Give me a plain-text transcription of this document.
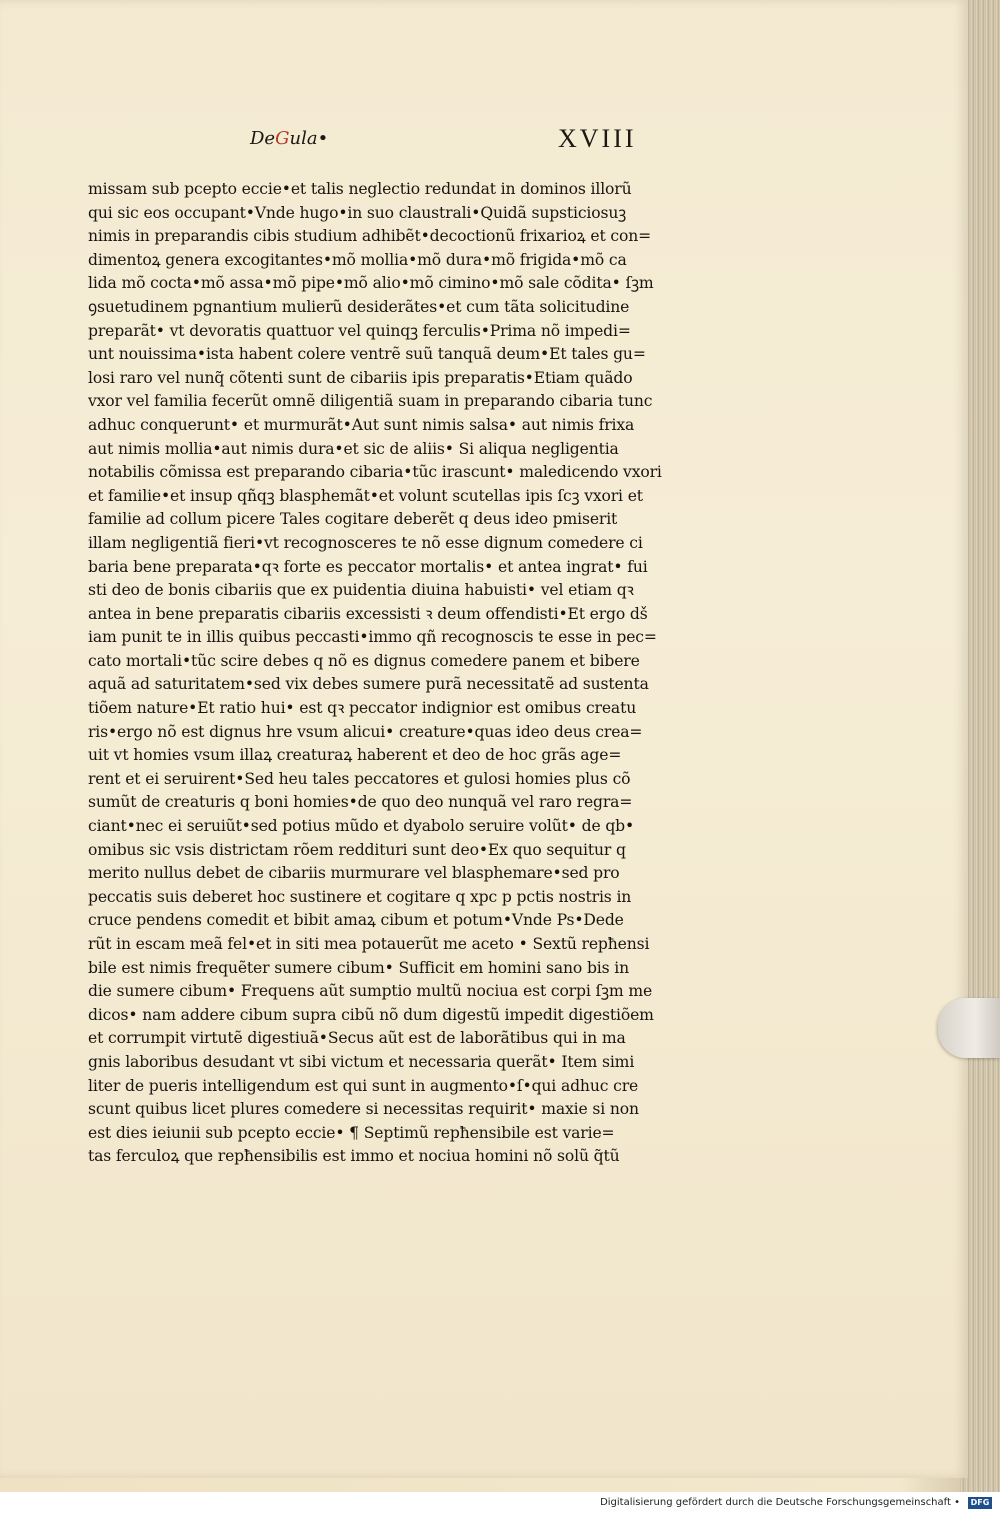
DeGula•	XVIII
missam sub pcepto eccie•et talis neglectio redundat in dominos illorũ
qui sic eos occupant•Vnde hugo•in suo claustrali•Quidã supsticiosuꝫ
nimis in preparandis cibis studium adhibẽt•decoctionũ frixarioꝝ et con=
dimentoꝝ genera excogitantes•mõ mollia•mõ dura•mõ frigida•mõ ca
lida mõ cocta•mõ assa•mõ pipe•mõ alio•mõ cimino•mõ sale cõdita• ſꝫm
ꝯsuetudinem pgnantium mulierũ desiderãtes•et cum tãta solicitudine
preparãt• vt devoratis quattuor vel quinqꝫ ferculis•Prima nõ impedi=
unt nouissima•ista habent colere ventrẽ suũ tanquã deum•Et tales gu=
losi raro vel nunq̃ cõtenti sunt de cibariis ipis preparatis•Etiam quãdo
vxor vel familia fecerũt omnẽ diligentiã suam in preparando cibaria tunc
adhuc conquerunt• et murmurãt•Aut sunt nimis salsa• aut nimis frixa
aut nimis mollia•aut nimis dura•et sic de aliis• Si aliqua negligentia
notabilis cõmissa est preparando cibaria•tũc irascunt• maledicendo vxori
et familie•et insup qñqꝫ blasphemãt•et volunt scutellas ipis ſcꝫ vxori et
familie ad collum picere Tales cogitare deberẽt q deus ideo pmiserit
illam negligentiã fieri•vt recognosceres te nõ esse dignum comedere ci
baria bene preparata•qꝛ forte es peccator mortalis• et antea ingrat• fui
sti deo de bonis cibariis que ex puidentia diuina habuisti• vel etiam qꝛ
antea in bene preparatis cibariis excessisti ꝛ deum offendisti•Et ergo dš
iam punit te in illis quibus peccasti•immo qñ recognoscis te esse in pec=
cato mortali•tũc scire debes q nõ es dignus comedere panem et bibere
aquã ad saturitatem•sed vix debes sumere purã necessitatẽ ad sustenta
tiõem nature•Et ratio hui• est qꝛ peccator indignior est omibus creatu
ris•ergo nõ est dignus hre vsum alicui• creature•quas ideo deus crea=
uit vt homies vsum illaꝝ creaturaꝝ haberent et deo de hoc grãs age=
rent et ei seruirent•Sed heu tales peccatores et gulosi homies plus cõ
sumũt de creaturis q boni homies•de quo deo nunquã vel raro regra=
ciant•nec ei seruiũt•sed potius mũdo et dyabolo seruire volũt• de qb•
omibus sic vsis districtam rõem reddituri sunt deo•Ex quo sequitur q
merito nullus debet de cibariis murmurare vel blasphemare•sed pro
peccatis suis deberet hoc sustinere et cogitare q xpc p pctis nostris in
cruce pendens comedit et bibit amaꝝ cibum et potum•Vnde Ps•Dede
rũt in escam meã fel•et in siti mea potauerũt me aceto • Sextũ repħensi
bile est nimis frequẽter sumere cibum• Sufficit em homini sano bis in
die sumere cibum• Frequens aũt sumptio multũ nociua est corpi ſꝫm me
dicos• nam addere cibum supra cibũ nõ dum digestũ impedit digestiõem
et corrumpit virtutẽ digestiuã•Secus aũt est de laborãtibus qui in ma
gnis laboribus desudant vt sibi victum et necessaria querãt• Item simi
liter de pueris intelligendum est qui sunt in augmento•ſ•qui adhuc cre
scunt quibus licet plures comedere si necessitas requirit• maxie si non
est dies ieiunii sub pcepto eccie• ¶ Septimũ repħensibile est varie=
tas ferculoꝝ que repħensibilis est immo et nociua homini nõ solũ q̃tũ
Digitalisierung gefördert durch die Deutsche Forschungsgemeinschaft •	DFG
